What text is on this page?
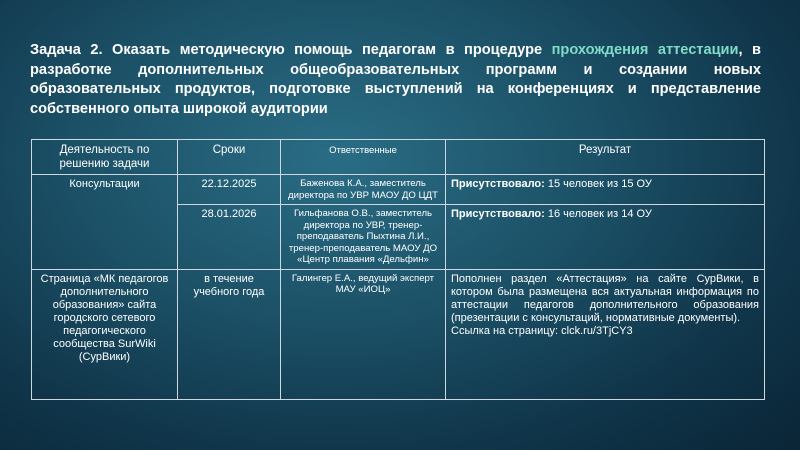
Задача 2. Оказать методическую помощь педагогам в процедуре прохождения аттестации, в разработке дополнительных общеобразовательных программ и создании новых образовательных продуктов, подготовке выступлений на конференциях и представление собственного опыта широкой аудитории
Деятельность по решению задачи	Сроки	Ответственные	Результат
Консультации	22.12.2025	Баженова К.А., заместитель директора по УВР МАОУ ДО ЦДТ	Присутствовало: 15 человек из 15 ОУ
	28.01.2026	Гильфанова О.В., заместитель директора по УВР, тренер-преподаватель Пыхтина Л.И., тренер-преподаватель МАОУ ДО «Центр плавания «Дельфин»	Присутствовало: 16 человек из 14 ОУ
Страница «МК педагогов дополнительного образования» сайта городского сетевого педагогического сообщества SurWiki (СурВики)	в течение учебного года	Галингер Е.А., ведущий эксперт МАУ «ИОЦ»	Пополнен раздел «Аттестация» на сайте СурВики, в котором была размещена вся актуальная информация по аттестации педагогов дополнительного образования (презентации с консультаций, нормативные документы).
Ссылка на страницу: clck.ru/3TjCY3
